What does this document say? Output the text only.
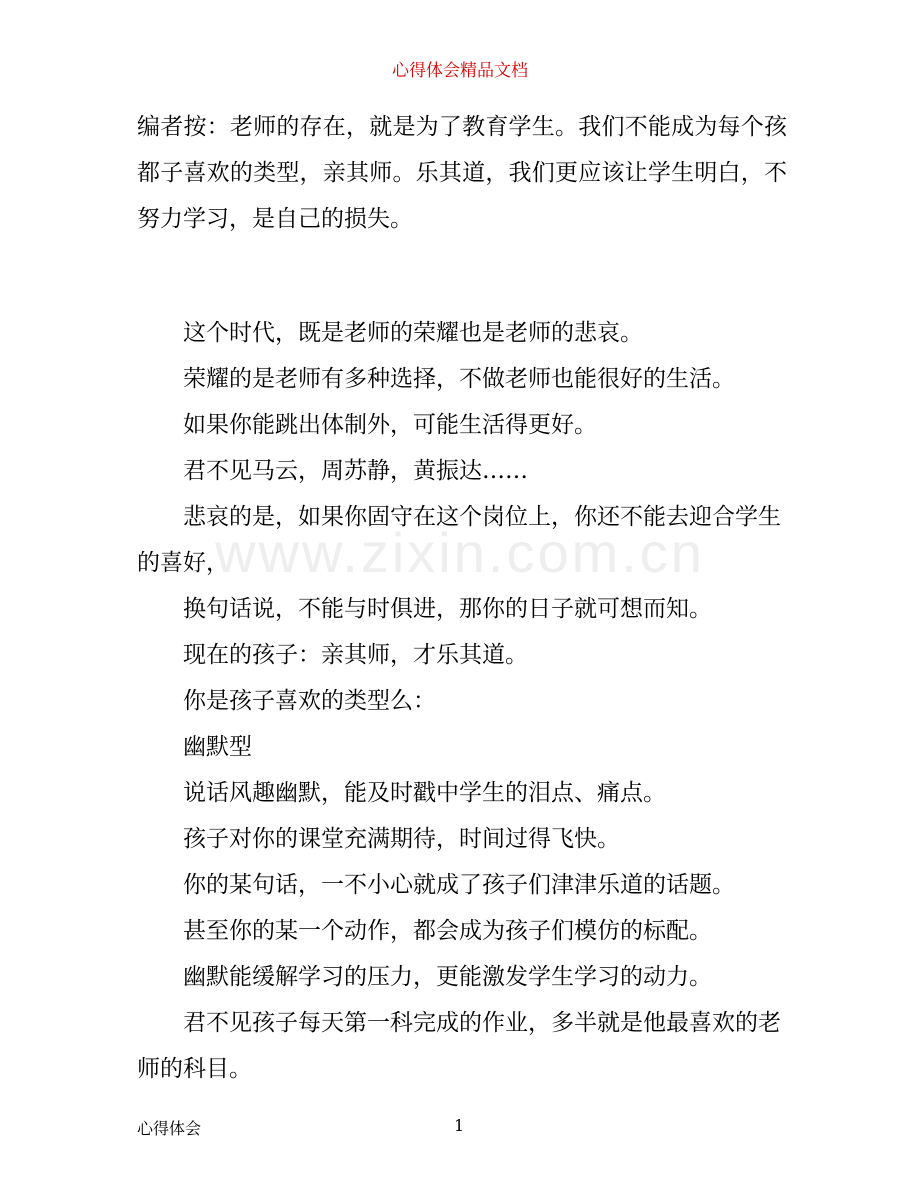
心得体会精品文档
www.zixin.com.cn

编者按：老师的存在，就是为了教育学生。我们不能成为每个孩都子喜欢的类型，亲其师。乐其道，我们更应该让学生明白，不努力学习，是自己的损失。

这个时代，既是老师的荣耀也是老师的悲哀。

荣耀的是老师有多种选择，不做老师也能很好的生活。

如果你能跳出体制外，可能生活得更好。

君不见马云，周苏静，黄振达……

悲哀的是，如果你固守在这个岗位上，你还不能去迎合学生的喜好，

换句话说，不能与时俱进，那你的日子就可想而知。

现在的孩子：亲其师，才乐其道。

你是孩子喜欢的类型么：

幽默型

说话风趣幽默，能及时戳中学生的泪点、痛点。

孩子对你的课堂充满期待，时间过得飞快。

你的某句话，一不小心就成了孩子们津津乐道的话题。

甚至你的某一个动作，都会成为孩子们模仿的标配。

幽默能缓解学习的压力，更能激发学生学习的动力。

君不见孩子每天第一科完成的作业，多半就是他最喜欢的老师的科目。

心得体会	1
